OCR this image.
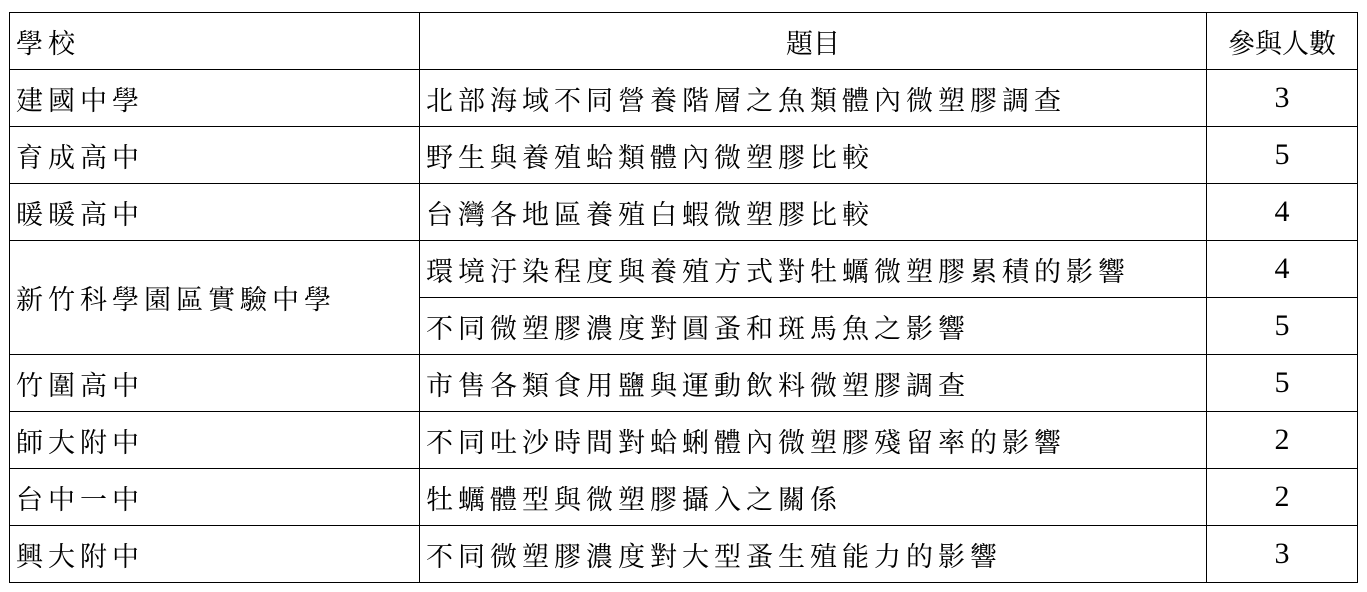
學校	題目	參與人數
建國中學	北部海域不同營養階層之魚類體內微塑膠調查	3
育成高中	野生與養殖蛤類體內微塑膠比較	5
暖暖高中	台灣各地區養殖白蝦微塑膠比較	4
新竹科學園區實驗中學	環境汙染程度與養殖方式對牡蠣微塑膠累積的影響	4
	不同微塑膠濃度對圓蚤和斑馬魚之影響	5
竹圍高中	市售各類食用鹽與運動飲料微塑膠調查	5
師大附中	不同吐沙時間對蛤蜊體內微塑膠殘留率的影響	2
台中一中	牡蠣體型與微塑膠攝入之關係	2
興大附中	不同微塑膠濃度對大型蚤生殖能力的影響	3
